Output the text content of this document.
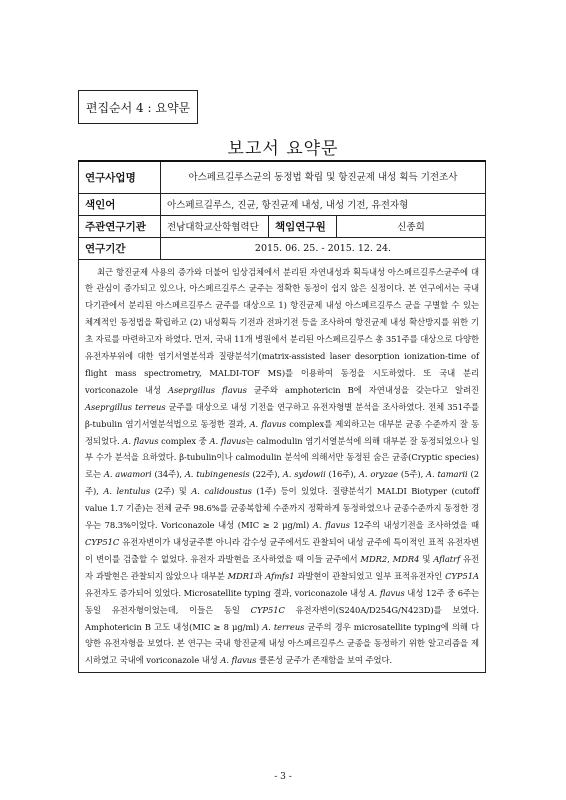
편집순서 4 : 요약문
보고서 요약문
연구사업명	아스페르길루스균의 동정법 확립 및 항진균제 내성 획득 기전조사		
색인어	아스페르길루스, 진균, 항진균제 내성, 내성 기전, 유전자형		
주관연구기관	전남대학교산학협력단	책임연구원	신종희
연구기간	2015. 06. 25. - 2015. 12. 24.		

최근 항진균제 사용의 증가와 더불어 임상검체에서 분리된 자연내성과 획득내성 아스페르길루스균주에 대한 관심이 증가되고 있으나, 아스페르길루스 균주는 정확한 동정이 쉽지 않은 실정이다. 본 연구에서는 국내 다기관에서 분리된 아스페르길루스 균주를 대상으로 1) 항진균제 내성 아스페르길루스 균을 구별할 수 있는 체계적인 동정법을 확립하고 (2) 내성획득 기전과 전파기전 등을 조사하여 항진균제 내성 확산방지를 위한 기초 자료를 마련하고자 하였다. 먼저, 국내 11개 병원에서 분리된 아스페르길루스 총 351주를 대상으로 다양한 유전자부위에 대한 염기서열분석과 질량분석기(matrix-assisted laser desorption ionization-time of flight mass spectrometry, MALDI-TOF MS)를 이용하여 동정을 시도하였다. 또 국내 분리 voriconazole 내성 Aseprgillus flavus 균주와 amphotericin B에 자연내성을 갖는다고 알려진 Aseprgillus terreus 균주를 대상으로 내성 기전을 연구하고 유전자형별 분석을 조사하였다. 전체 351주를 β-tubulin 염기서열분석법으로 동정한 결과, A. flavus complex를 제외하고는 대부분 균종 수준까지 잘 동정되었다. A. flavus complex 중 A. flavus는 calmodulin 염기서열분석에 의해 대부분 잘 동정되었으나 일부 수가 분석을 요하였다. β-tubulin이나 calmodulin 분석에 의해서만 동정된 숨은 균종(Cryptic species)로는 A. awamori (34주), A. tubingenesis (22주), A. sydowii (16주), A. oryzae (5주), A. tamarii (2주), A. lentulus (2주) 및 A. calidoustus (1주) 등이 있었다. 질량분석기 MALDI Biotyper (cutoff value 1.7 기준)는 전체 균주 98.6%를 균종복합체 수준까지 정확하게 동정하였으나 균종수준까지 동정한 경우는 78.3%이었다. Voriconazole 내성 (MIC ≥ 2 μg/ml) A. flavus 12주의 내성기전을 조사하였을 때 CYP51C 유전자변이가 내성균주뿐 아니라 감수성 균주에서도 관찰되어 내성 균주에 특이적인 표적 유전자변이 변이를 검출할 수 없었다. 유전자 과발현을 조사하였을 때 이들 균주에서 MDR2, MDR4 및 Aflatrf 유전자 과발현은 관찰되지 않았으나 대부분 MDR1과 Afmfs1 과발현이 관찰되었고 일부 표적유전자인 CYP51A 유전자도 증가되어 있었다. Microsatellite typing 결과, voriconazole 내성 A. flavus 내성 12주 중 6주는 동일 유전자형이었는데, 이들은 동일 CYP51C 유전자변이(S240A/D254G/N423D)를 보였다. Amphotericin B 고도 내성(MIC ≥ 8 μg/ml) A. terreus 균주의 경우 microsatellite typing에 의해 다양한 유전자형을 보였다. 본 연구는 국내 항진균제 내성 아스페르길루스 균종을 동정하기 위한 알고리즘을 제시하였고 국내에 voriconazole 내성 A. flavus 클론성 균주가 존재함을 보여 주었다.			

- 3 -
